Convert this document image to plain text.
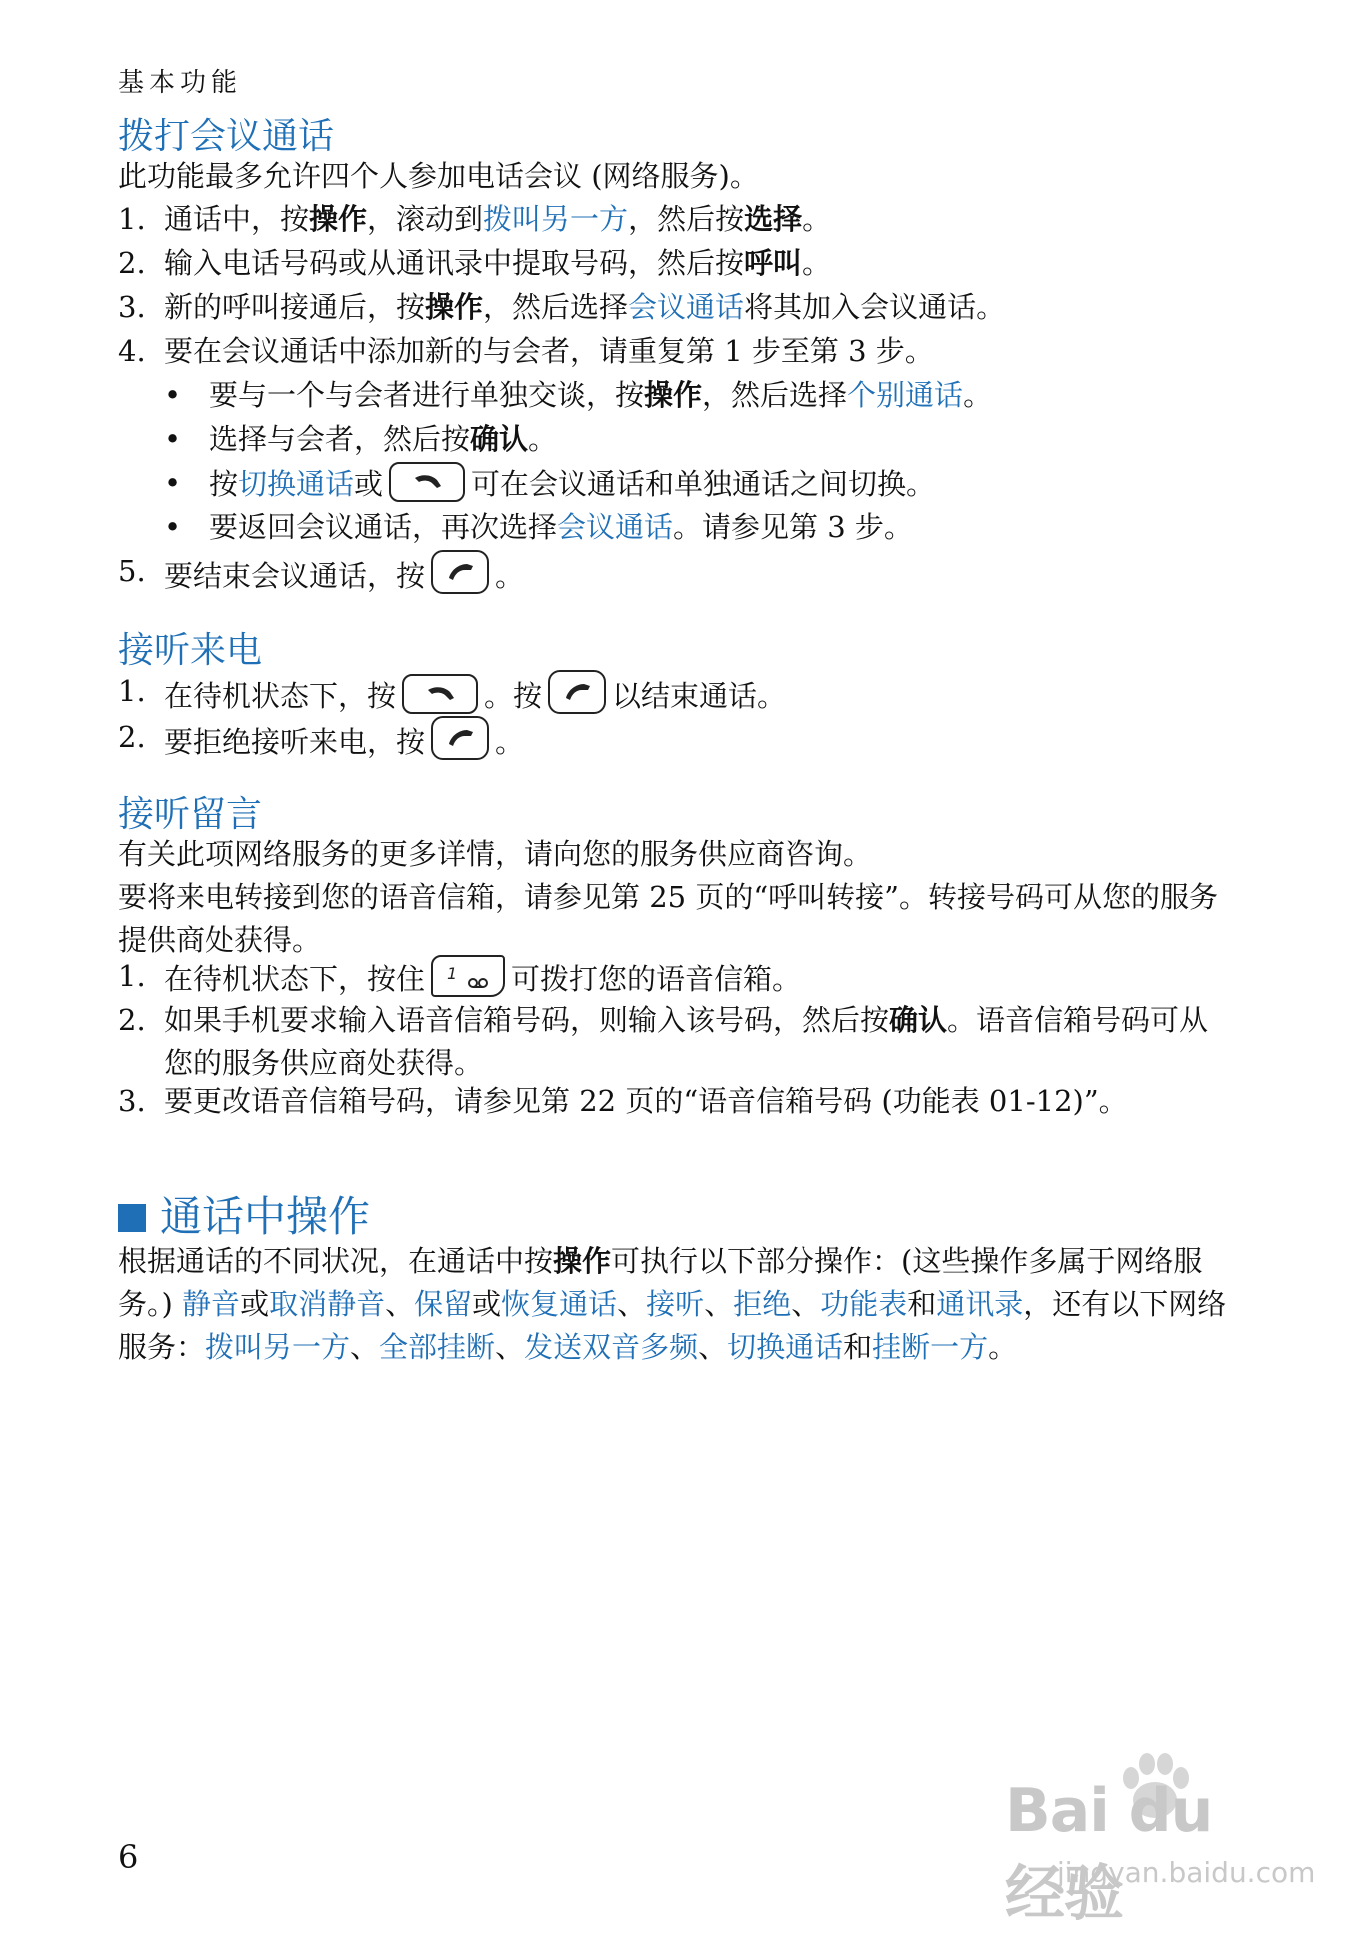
基本功能
拨打会议通话

此功能最多允许四个人参加电话会议 (网络服务)。

1. 通话中，按操作，滚动到拨叫另一方，然后按选择。
2. 输入电话号码或从通讯录中提取号码，然后按呼叫。
3. 新的呼叫接通后，按操作，然后选择会议通话将其加入会议通话。
4. 要在会议通话中添加新的与会者，请重复第 1 步至第 3 步。
• 要与一个与会者进行单独交谈，按操作，然后选择个别通话。
• 选择与会者，然后按确认。
• 按切换通话或	可在会议通话和单独通话之间切换。
• 要返回会议通话，再次选择会议通话。请参见第 3 步。
5. 要结束会议通话，按 。
接听来电
1. 在待机状态下，按	。按 以结束通话。
2. 要拒绝接听来电，按 。
接听留言

有关此项网络服务的更多详情，请向您的服务供应商咨询。

要将来电转接到您的语音信箱，请参见第 25 页的“呼叫转接”。转接号码可从您的服务提供商处获得。

1. 在待机状态下，按住 1 可拨打您的语音信箱。
2. 如果手机要求输入语音信箱号码，则输入该号码，然后按确认。语音信箱号码可从您的服务供应商处获得。
3. 要更改语音信箱号码，请参见第 22 页的“语音信箱号码 (功能表 01-12)”。
通话中操作

根据通话的不同状况，在通话中按操作可执行以下部分操作：(这些操作多属于网络服务。) 静音或取消静音、保留或恢复通话、接听、拒绝、功能表和通讯录，还有以下网络服务：拨叫另一方、全部挂断、发送双音多频、切换通话和挂断一方。

6
Bai du 经验
jingyan.baidu.com
